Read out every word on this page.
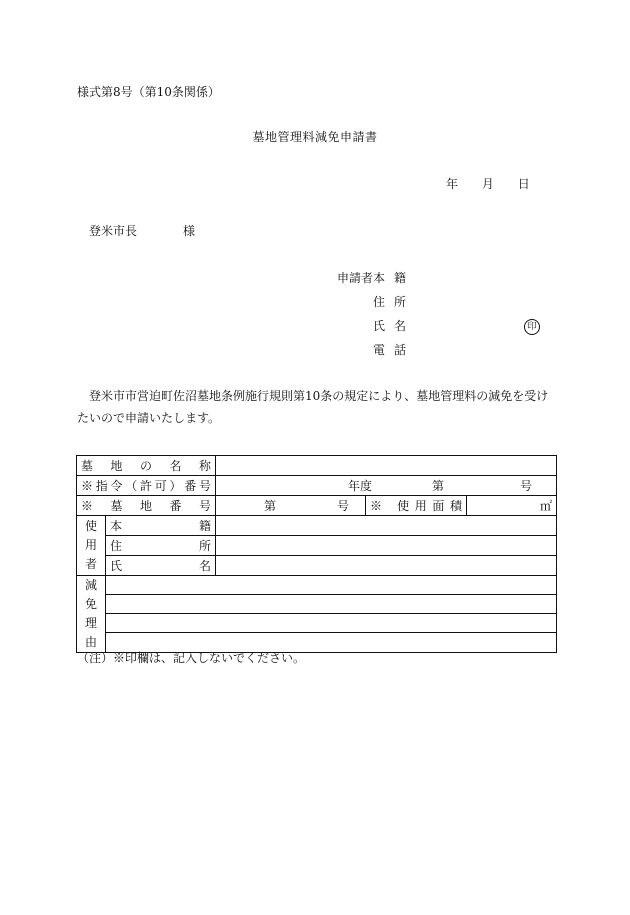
様式第8号（第10条関係）
墓地管理料減免申請書
年 月 日
登米市長	様
申請者 本籍
住所
氏名	印
電話
登米市市営迫町佐沼墓地条例施行規則第10条の規定により、墓地管理料の減免を受けたいので申請いたします。
墓地の名称				

※指令（許可）番号		年度 第 号		

※墓地番号		第 号	※ 使用面積	㎡

使
用
者	本籍			

	住所			

	氏名			

減
免
理
由				

（注）※印欄は、記入しないでください。
